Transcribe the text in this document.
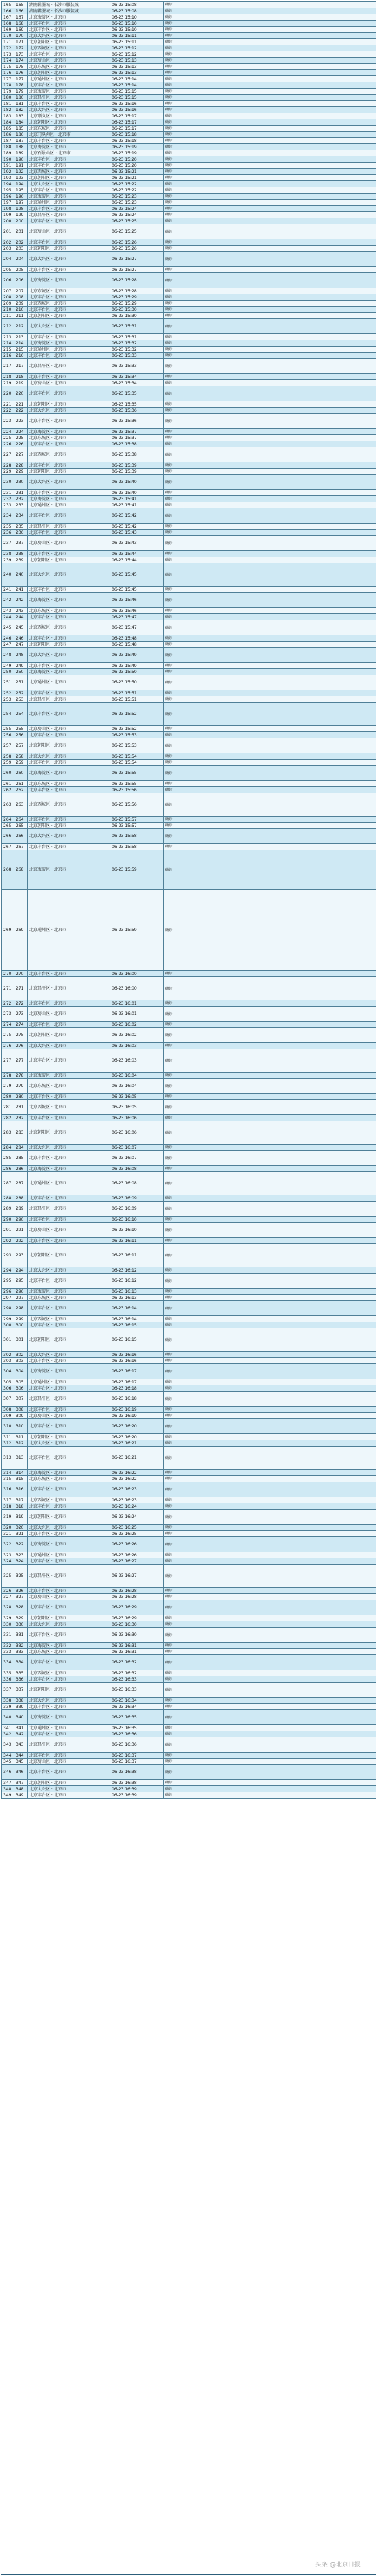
165	165	湖南鞋服城 · 长沙市服装城	06-23 15:08	确诊
166	166	湖南鞋服城 · 长沙市服装城	06-23 15:08	确诊
167	167	北京海淀区 · 北京市	06-23 15:10	确诊
168	168	北京丰台区 · 北京市	06-23 15:10	确诊
169	169	北京丰台区 · 北京市	06-23 15:10	确诊
170	170	北京大兴区 · 北京市	06-23 15:11	确诊
171	171	北京朝阳区 · 北京市	06-23 15:11	确诊
172	172	北京西城区 · 北京市	06-23 15:12	确诊
173	173	北京丰台区 · 北京市	06-23 15:12	确诊
174	174	北京房山区 · 北京市	06-23 15:13	确诊
175	175	北京东城区 · 北京市	06-23 15:13	确诊
176	176	北京朝阳区 · 北京市	06-23 15:13	确诊
177	177	北京通州区 · 北京市	06-23 15:14	确诊
178	178	北京丰台区 · 北京市	06-23 15:14	确诊
179	179	北京海淀区 · 北京市	06-23 15:15	确诊
180	180	北京昌平区 · 北京市	06-23 15:15	确诊
181	181	北京丰台区 · 北京市	06-23 15:16	确诊
182	182	北京大兴区 · 北京市	06-23 15:16	确诊
183	183	北京顺义区 · 北京市	06-23 15:17	确诊
184	184	北京朝阳区 · 北京市	06-23 15:17	确诊
185	185	北京东城区 · 北京市	06-23 15:17	确诊
186	186	北京门头沟区 · 北京市	06-23 15:18	确诊
187	187	北京丰台区 · 北京市	06-23 15:18	确诊
188	188	北京海淀区 · 北京市	06-23 15:19	确诊
189	189	北京石景山区 · 北京市	06-23 15:19	确诊
190	190	北京丰台区 · 北京市	06-23 15:20	确诊
191	191	北京丰台区 · 北京市	06-23 15:20	确诊
192	192	北京西城区 · 北京市	06-23 15:21	确诊
193	193	北京朝阳区 · 北京市	06-23 15:21	确诊
194	194	北京大兴区 · 北京市	06-23 15:22	确诊
195	195	北京丰台区 · 北京市	06-23 15:22	确诊
196	196	北京海淀区 · 北京市	06-23 15:23	确诊
197	197	北京通州区 · 北京市	06-23 15:23	确诊
198	198	北京丰台区 · 北京市	06-23 15:24	确诊
199	199	北京昌平区 · 北京市	06-23 15:24	确诊
200	200	北京丰台区 · 北京市	06-23 15:25	确诊
201	201	北京房山区 · 北京市	06-23 15:25	确诊
202	202	北京丰台区 · 北京市	06-23 15:26	确诊
203	203	北京朝阳区 · 北京市	06-23 15:26	确诊
204	204	北京大兴区 · 北京市	06-23 15:27	确诊
205	205	北京丰台区 · 北京市	06-23 15:27	确诊
206	206	北京海淀区 · 北京市	06-23 15:28	确诊
207	207	北京东城区 · 北京市	06-23 15:28	确诊
208	208	北京丰台区 · 北京市	06-23 15:29	确诊
209	209	北京西城区 · 北京市	06-23 15:29	确诊
210	210	北京丰台区 · 北京市	06-23 15:30	确诊
211	211	北京朝阳区 · 北京市	06-23 15:30	确诊
212	212	北京大兴区 · 北京市	06-23 15:31	确诊
213	213	北京丰台区 · 北京市	06-23 15:31	确诊
214	214	北京海淀区 · 北京市	06-23 15:32	确诊
215	215	北京通州区 · 北京市	06-23 15:32	确诊
216	216	北京丰台区 · 北京市	06-23 15:33	确诊
217	217	北京昌平区 · 北京市	06-23 15:33	确诊
218	218	北京丰台区 · 北京市	06-23 15:34	确诊
219	219	北京房山区 · 北京市	06-23 15:34	确诊
220	220	北京丰台区 · 北京市	06-23 15:35	确诊
221	221	北京朝阳区 · 北京市	06-23 15:35	确诊
222	222	北京大兴区 · 北京市	06-23 15:36	确诊
223	223	北京丰台区 · 北京市	06-23 15:36	确诊
224	224	北京海淀区 · 北京市	06-23 15:37	确诊
225	225	北京东城区 · 北京市	06-23 15:37	确诊
226	226	北京丰台区 · 北京市	06-23 15:38	确诊
227	227	北京西城区 · 北京市	06-23 15:38	确诊
228	228	北京丰台区 · 北京市	06-23 15:39	确诊
229	229	北京朝阳区 · 北京市	06-23 15:39	确诊
230	230	北京大兴区 · 北京市	06-23 15:40	确诊
231	231	北京丰台区 · 北京市	06-23 15:40	确诊
232	232	北京海淀区 · 北京市	06-23 15:41	确诊
233	233	北京通州区 · 北京市	06-23 15:41	确诊
234	234	北京丰台区 · 北京市	06-23 15:42	确诊
235	235	北京昌平区 · 北京市	06-23 15:42	确诊
236	236	北京丰台区 · 北京市	06-23 15:43	确诊
237	237	北京房山区 · 北京市	06-23 15:43	确诊
238	238	北京丰台区 · 北京市	06-23 15:44	确诊
239	239	北京朝阳区 · 北京市	06-23 15:44	确诊
240	240	北京大兴区 · 北京市	06-23 15:45	确诊
241	241	北京丰台区 · 北京市	06-23 15:45	确诊
242	242	北京海淀区 · 北京市	06-23 15:46	确诊
243	243	北京东城区 · 北京市	06-23 15:46	确诊
244	244	北京丰台区 · 北京市	06-23 15:47	确诊
245	245	北京西城区 · 北京市	06-23 15:47	确诊
246	246	北京丰台区 · 北京市	06-23 15:48	确诊
247	247	北京朝阳区 · 北京市	06-23 15:48	确诊
248	248	北京大兴区 · 北京市	06-23 15:49	确诊
249	249	北京丰台区 · 北京市	06-23 15:49	确诊
250	250	北京海淀区 · 北京市	06-23 15:50	确诊
251	251	北京通州区 · 北京市	06-23 15:50	确诊
252	252	北京丰台区 · 北京市	06-23 15:51	确诊
253	253	北京昌平区 · 北京市	06-23 15:51	确诊
254	254	北京丰台区 · 北京市	06-23 15:52	确诊
255	255	北京房山区 · 北京市	06-23 15:52	确诊
256	256	北京丰台区 · 北京市	06-23 15:53	确诊
257	257	北京朝阳区 · 北京市	06-23 15:53	确诊
258	258	北京大兴区 · 北京市	06-23 15:54	确诊
259	259	北京丰台区 · 北京市	06-23 15:54	确诊
260	260	北京海淀区 · 北京市	06-23 15:55	确诊
261	261	北京东城区 · 北京市	06-23 15:55	确诊
262	262	北京丰台区 · 北京市	06-23 15:56	确诊
263	263	北京西城区 · 北京市	06-23 15:56	确诊
264	264	北京丰台区 · 北京市	06-23 15:57	确诊
265	265	北京朝阳区 · 北京市	06-23 15:57	确诊
266	266	北京大兴区 · 北京市	06-23 15:58	确诊
267	267	北京丰台区 · 北京市	06-23 15:58	确诊
268	268	北京海淀区 · 北京市	06-23 15:59	确诊
269	269	北京通州区 · 北京市	06-23 15:59	确诊
270	270	北京丰台区 · 北京市	06-23 16:00	确诊
271	271	北京昌平区 · 北京市	06-23 16:00	确诊
272	272	北京丰台区 · 北京市	06-23 16:01	确诊
273	273	北京房山区 · 北京市	06-23 16:01	确诊
274	274	北京丰台区 · 北京市	06-23 16:02	确诊
275	275	北京朝阳区 · 北京市	06-23 16:02	确诊
276	276	北京大兴区 · 北京市	06-23 16:03	确诊
277	277	北京丰台区 · 北京市	06-23 16:03	确诊
278	278	北京海淀区 · 北京市	06-23 16:04	确诊
279	279	北京东城区 · 北京市	06-23 16:04	确诊
280	280	北京丰台区 · 北京市	06-23 16:05	确诊
281	281	北京西城区 · 北京市	06-23 16:05	确诊
282	282	北京丰台区 · 北京市	06-23 16:06	确诊
283	283	北京朝阳区 · 北京市	06-23 16:06	确诊
284	284	北京大兴区 · 北京市	06-23 16:07	确诊
285	285	北京丰台区 · 北京市	06-23 16:07	确诊
286	286	北京海淀区 · 北京市	06-23 16:08	确诊
287	287	北京通州区 · 北京市	06-23 16:08	确诊
288	288	北京丰台区 · 北京市	06-23 16:09	确诊
289	289	北京昌平区 · 北京市	06-23 16:09	确诊
290	290	北京丰台区 · 北京市	06-23 16:10	确诊
291	291	北京房山区 · 北京市	06-23 16:10	确诊
292	292	北京丰台区 · 北京市	06-23 16:11	确诊
293	293	北京朝阳区 · 北京市	06-23 16:11	确诊
294	294	北京大兴区 · 北京市	06-23 16:12	确诊
295	295	北京丰台区 · 北京市	06-23 16:12	确诊
296	296	北京海淀区 · 北京市	06-23 16:13	确诊
297	297	北京东城区 · 北京市	06-23 16:13	确诊
298	298	北京丰台区 · 北京市	06-23 16:14	确诊
299	299	北京西城区 · 北京市	06-23 16:14	确诊
300	300	北京丰台区 · 北京市	06-23 16:15	确诊
301	301	北京朝阳区 · 北京市	06-23 16:15	确诊
302	302	北京大兴区 · 北京市	06-23 16:16	确诊
303	303	北京丰台区 · 北京市	06-23 16:16	确诊
304	304	北京海淀区 · 北京市	06-23 16:17	确诊
305	305	北京通州区 · 北京市	06-23 16:17	确诊
306	306	北京丰台区 · 北京市	06-23 16:18	确诊
307	307	北京昌平区 · 北京市	06-23 16:18	确诊
308	308	北京丰台区 · 北京市	06-23 16:19	确诊
309	309	北京房山区 · 北京市	06-23 16:19	确诊
310	310	北京丰台区 · 北京市	06-23 16:20	确诊
311	311	北京朝阳区 · 北京市	06-23 16:20	确诊
312	312	北京大兴区 · 北京市	06-23 16:21	确诊
313	313	北京丰台区 · 北京市	06-23 16:21	确诊
314	314	北京海淀区 · 北京市	06-23 16:22	确诊
315	315	北京东城区 · 北京市	06-23 16:22	确诊
316	316	北京丰台区 · 北京市	06-23 16:23	确诊
317	317	北京西城区 · 北京市	06-23 16:23	确诊
318	318	北京丰台区 · 北京市	06-23 16:24	确诊
319	319	北京朝阳区 · 北京市	06-23 16:24	确诊
320	320	北京大兴区 · 北京市	06-23 16:25	确诊
321	321	北京丰台区 · 北京市	06-23 16:25	确诊
322	322	北京海淀区 · 北京市	06-23 16:26	确诊
323	323	北京通州区 · 北京市	06-23 16:26	确诊
324	324	北京丰台区 · 北京市	06-23 16:27	确诊
325	325	北京昌平区 · 北京市	06-23 16:27	确诊
326	326	北京丰台区 · 北京市	06-23 16:28	确诊
327	327	北京房山区 · 北京市	06-23 16:28	确诊
328	328	北京丰台区 · 北京市	06-23 16:29	确诊
329	329	北京朝阳区 · 北京市	06-23 16:29	确诊
330	330	北京大兴区 · 北京市	06-23 16:30	确诊
331	331	北京丰台区 · 北京市	06-23 16:30	确诊
332	332	北京海淀区 · 北京市	06-23 16:31	确诊
333	333	北京东城区 · 北京市	06-23 16:31	确诊
334	334	北京丰台区 · 北京市	06-23 16:32	确诊
335	335	北京西城区 · 北京市	06-23 16:32	确诊
336	336	北京丰台区 · 北京市	06-23 16:33	确诊
337	337	北京朝阳区 · 北京市	06-23 16:33	确诊
338	338	北京大兴区 · 北京市	06-23 16:34	确诊
339	339	北京丰台区 · 北京市	06-23 16:34	确诊
340	340	北京海淀区 · 北京市	06-23 16:35	确诊
341	341	北京通州区 · 北京市	06-23 16:35	确诊
342	342	北京丰台区 · 北京市	06-23 16:36	确诊
343	343	北京昌平区 · 北京市	06-23 16:36	确诊
344	344	北京丰台区 · 北京市	06-23 16:37	确诊
345	345	北京房山区 · 北京市	06-23 16:37	确诊
346	346	北京丰台区 · 北京市	06-23 16:38	确诊
347	347	北京朝阳区 · 北京市	06-23 16:38	确诊
348	348	北京大兴区 · 北京市	06-23 16:39	确诊
349	349	北京丰台区 · 北京市	06-23 16:39	确诊
头条 @北京日报
